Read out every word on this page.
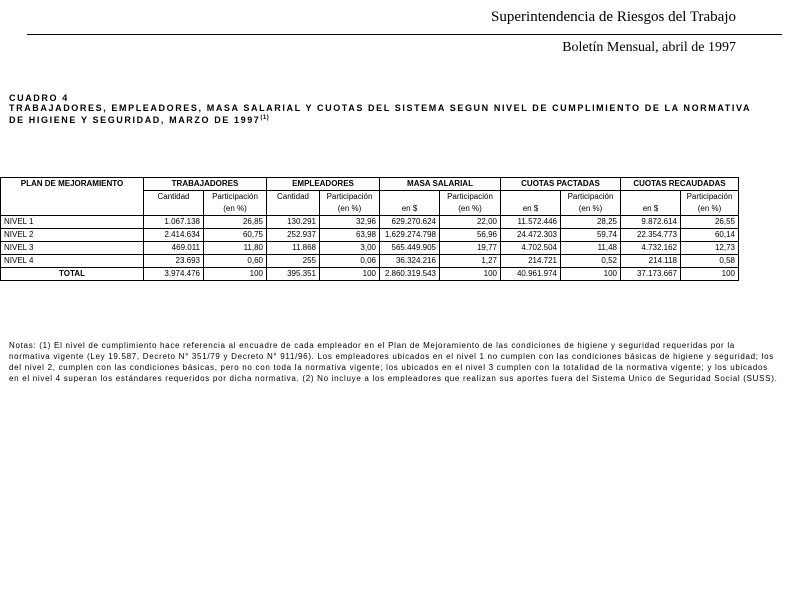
Superintendencia de Riesgos del Trabajo
Boletín Mensual, abril de 1997
CUADRO 4
TRABAJADORES, EMPLEADORES, MASA SALARIAL Y CUOTAS DEL SISTEMA SEGUN NIVEL DE CUMPLIMIENTO DE LA NORMATIVA DE HIGIENE Y SEGURIDAD, MARZO DE 1997$^{(1)}$
PLAN DE MEJORAMIENTO	TRABAJADORES		EMPLEADORES		MASA SALARIAL		CUOTAS PACTADAS		CUOTAS RECAUDADAS	
	Cantidad	Participación	Cantidad	Participación		Participación		Participación		Participación
		(en %)		(en %)	en $	(en %)	en $	(en %)	en $	(en %)
NIVEL 1	1.067.138	26,85	130.291	32,96	629.270.624	22,00	11.572.446	28,25	9.872.614	26,55
NIVEL 2	2.414.634	60,75	252.937	63,98	1.629.274.798	56,96	24.472.303	59,74	22.354.773	60,14
NIVEL 3	469.011	11,80	11.868	3,00	565.449.905	19,77	4.702.504	11,48	4.732.162	12,73
NIVEL 4	23.693	0,60	255	0,06	36.324.216	1,27	214.721	0,52	214.118	0,58
TOTAL	3.974.476	100	395.351	100	2.860.319.543	100	40.961.974	100	37.173.667	100
Notas: (1) El nivel de cumplimiento hace referencia al encuadre de cada empleador en el Plan de Mejoramiento de las condiciones de higiene y seguridad requeridas por la normativa vigente (Ley 19.587, Decreto N° 351/79 y Decreto N° 911/96). Los empleadores ubicados en el nivel 1 no cumplen con las condiciones básicas de higiene y seguridad; los del nivel 2, cumplen con las condiciones básicas, pero no con toda la normativa vigente; los ubicados en el nivel 3 cumplen con la totalidad de la normativa vigente; y los ubicados en el nivel 4 superan los estándares requeridos por dicha normativa. (2) No incluye a los empleadores que realizan sus aportes fuera del Sistema Unico de Seguridad Social (SUSS).
